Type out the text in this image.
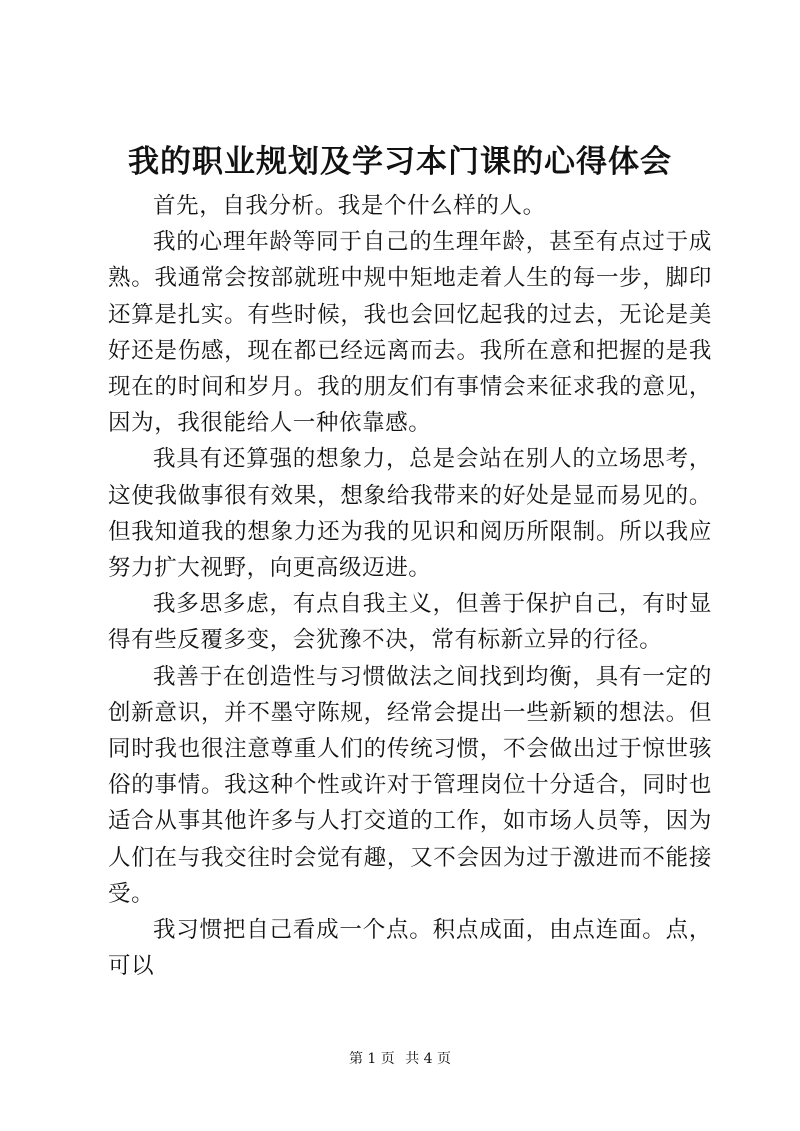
我的职业规划及学习本门课的心得体会

首先，自我分析。我是个什么样的人。

我的心理年龄等同于自己的生理年龄，甚至有点过于成熟。我通常会按部就班中规中矩地走着人生的每一步，脚印还算是扎实。有些时候，我也会回忆起我的过去，无论是美好还是伤感，现在都已经远离而去。我所在意和把握的是我现在的时间和岁月。我的朋友们有事情会来征求我的意见，因为，我很能给人一种依靠感。

我具有还算强的想象力，总是会站在别人的立场思考，这使我做事很有效果，想象给我带来的好处是显而易见的。但我知道我的想象力还为我的见识和阅历所限制。所以我应努力扩大视野，向更高级迈进。

我多思多虑，有点自我主义，但善于保护自己，有时显得有些反覆多变，会犹豫不决，常有标新立异的行径。

我善于在创造性与习惯做法之间找到均衡，具有一定的创新意识，并不墨守陈规，经常会提出一些新颖的想法。但同时我也很注意尊重人们的传统习惯，不会做出过于惊世骇俗的事情。我这种个性或许对于管理岗位十分适合，同时也适合从事其他许多与人打交道的工作，如市场人员等，因为人们在与我交往时会觉有趣，又不会因为过于激进而不能接受。

我习惯把自己看成一个点。积点成面，由点连面。点，可以

第 1 页 共 4 页
